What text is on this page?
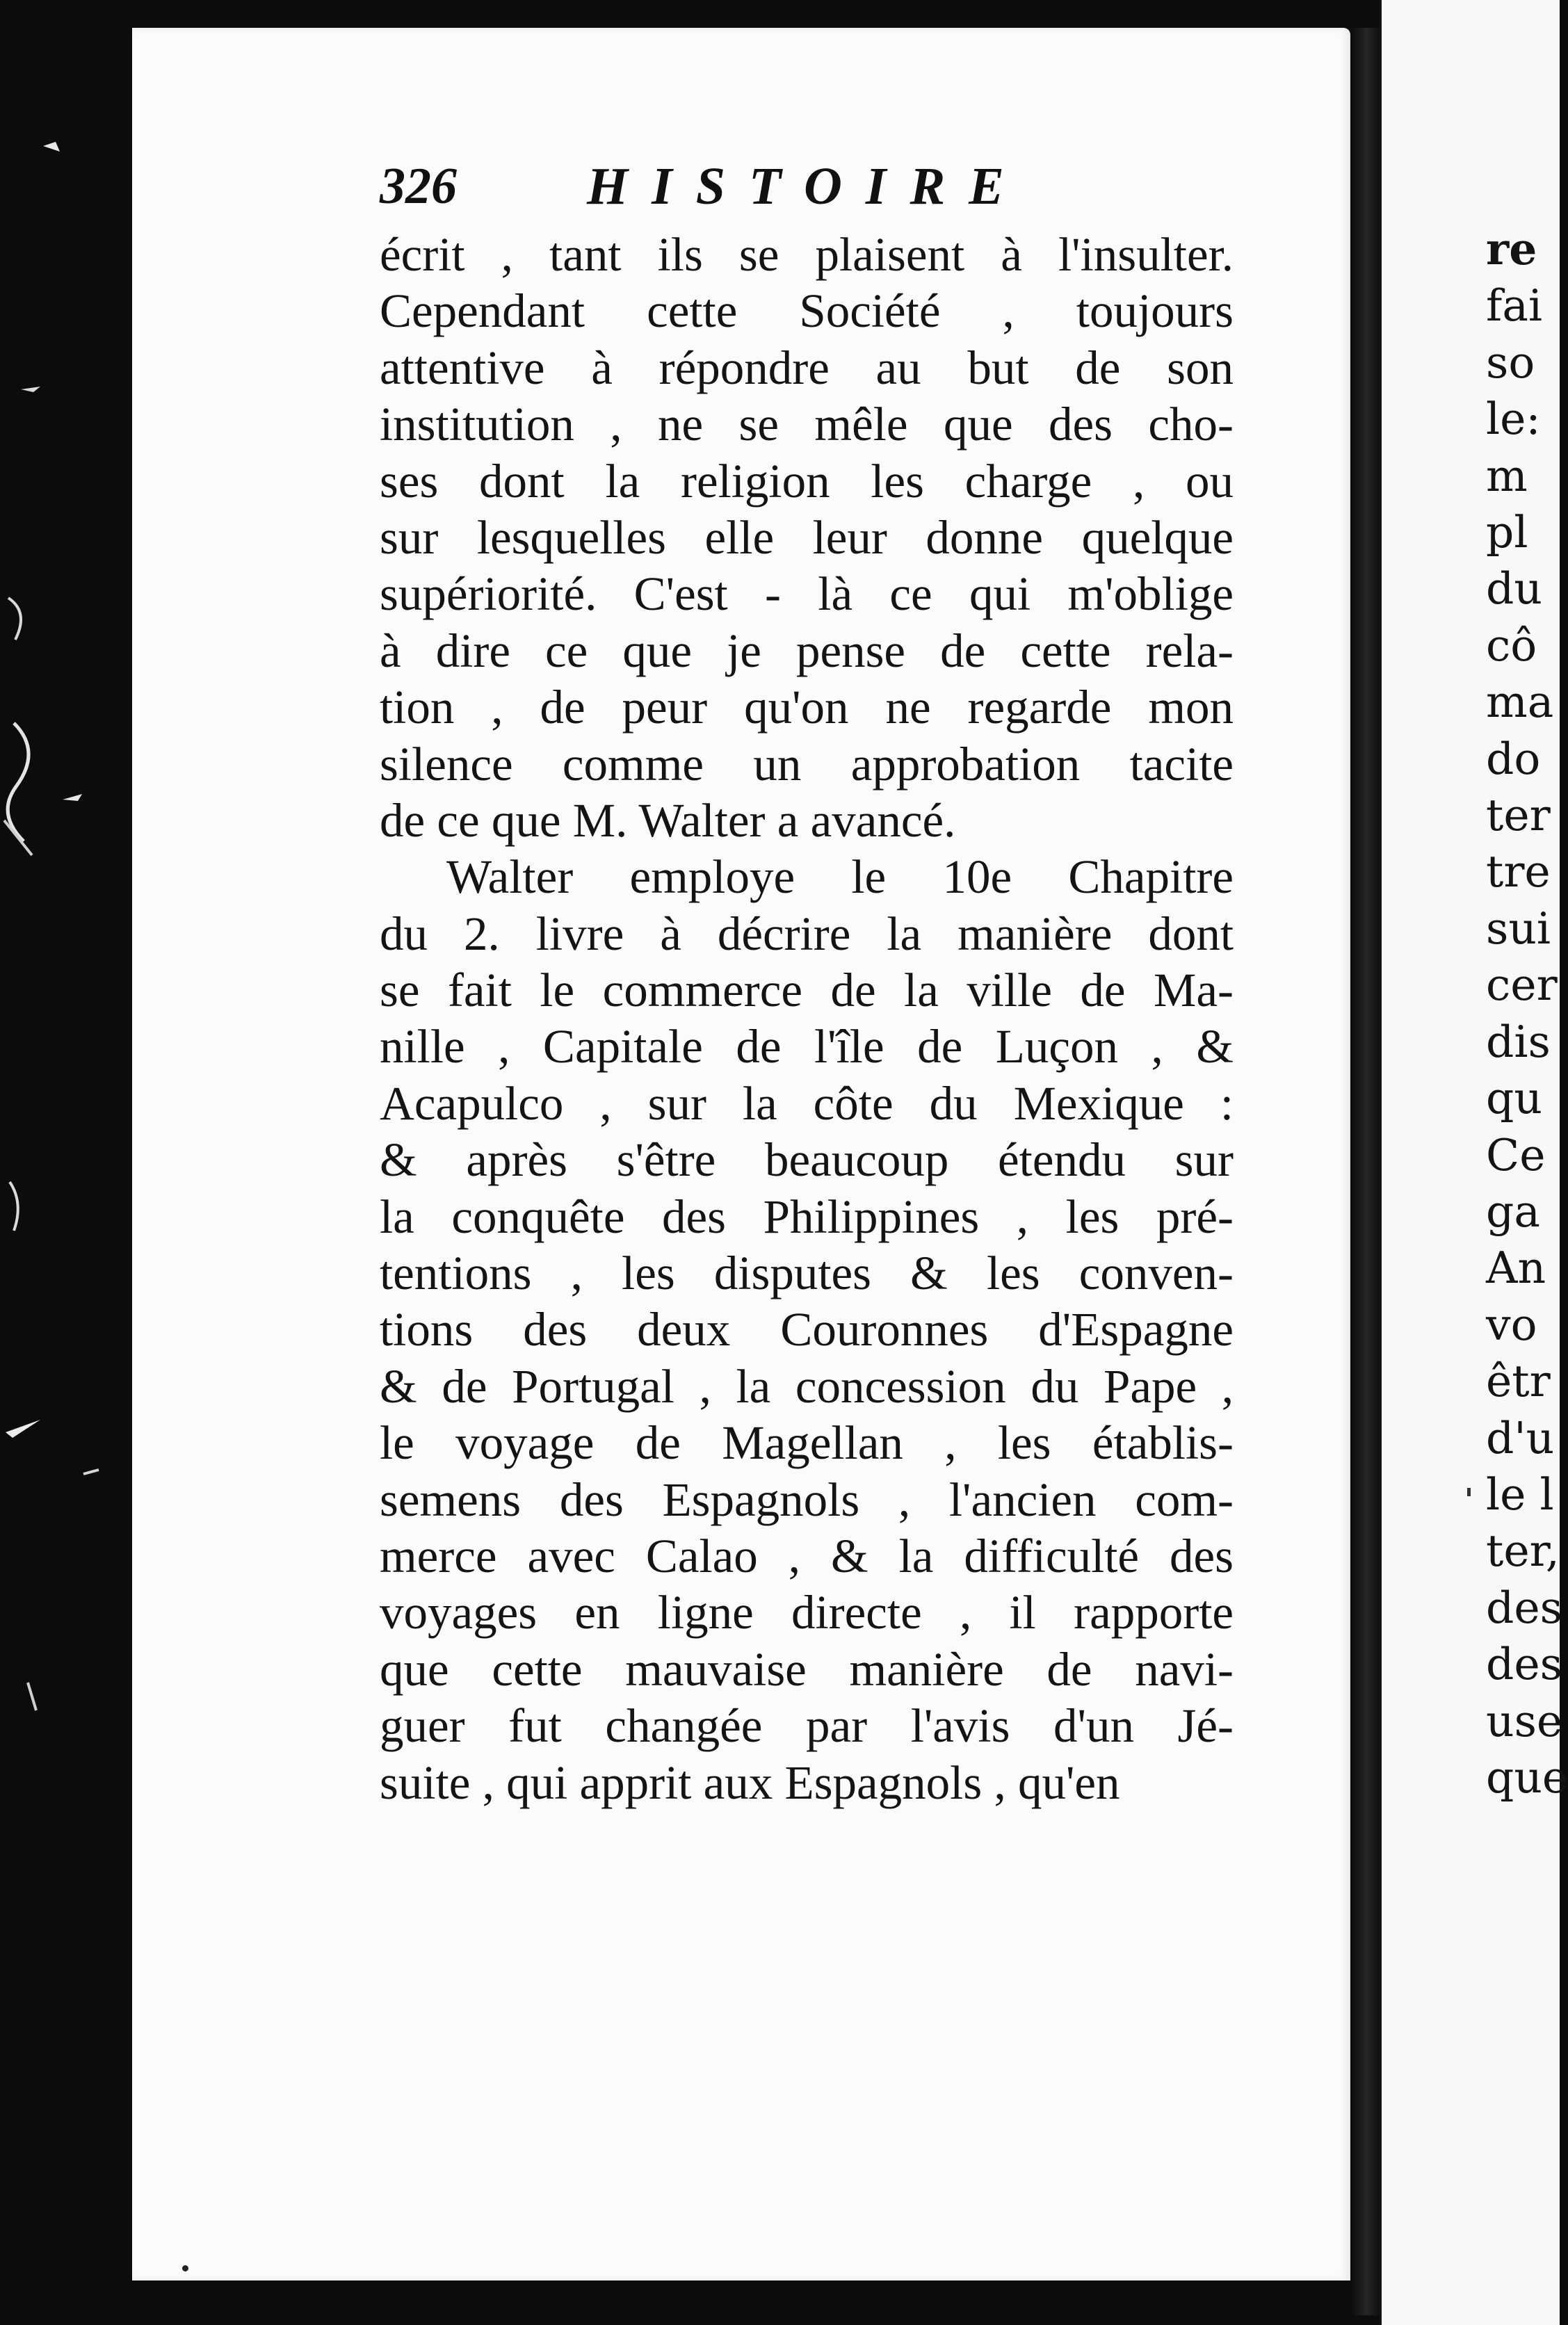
re
fai
so
le:
m
pl
du
cô
ma
do
ter
tre
sui
cer
dis
qu
Ce
ga
An
vo
êtr
d'u
le l
ter,
des
des
use
que
326 HISTOIRE

écrit , tant ils se plaisent à l'insulter.
Cependant cette Société , toujours
attentive à répondre au but de son
institution , ne se mêle que des cho-
ses dont la religion les charge , ou
sur lesquelles elle leur donne quelque
supériorité. C'est - là ce qui m'oblige
à dire ce que je pense de cette rela-
tion , de peur qu'on ne regarde mon
silence comme un approbation tacite
de ce que M. Walter a avancé.
Walter employe le 10e Chapitre
du 2. livre à décrire la manière dont
se fait le commerce de la ville de Ma-
nille , Capitale de l'île de Luçon , &
Acapulco , sur la côte du Mexique :
& après s'être beaucoup étendu sur
la conquête des Philippines , les pré-
tentions , les disputes & les conven-
tions des deux Couronnes d'Espagne
& de Portugal , la concession du Pape ,
le voyage de Magellan , les établis-
semens des Espagnols , l'ancien com-
merce avec Calao , & la difficulté des
voyages en ligne directe , il rapporte
que cette mauvaise manière de navi-
guer fut changée par l'avis d'un Jé-
suite , qui apprit aux Espagnols , qu'en
